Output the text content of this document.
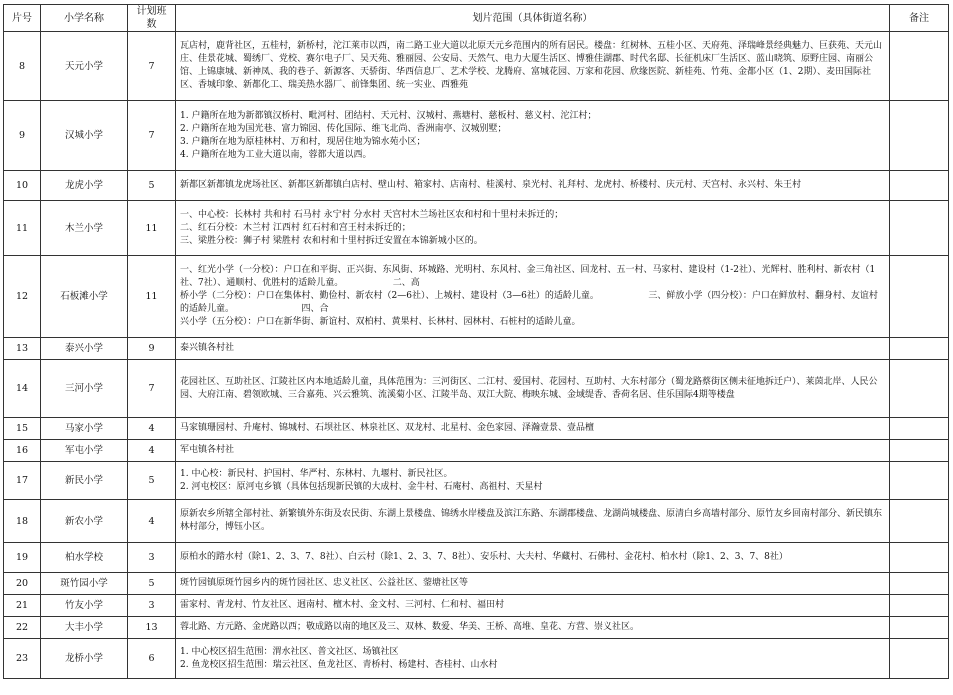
片号	小学名称	计划班数	划片范围（具体街道名称）	备注
8	天元小学	7	瓦店村，鹿背社区，五桂村，新桥村，沱江莱市以西，南二路工业大道以北原天元乡范围内的所有居民。楼盘：红树林、五桂小区、天府苑、泽瑞峰景经典魅力、巨获苑、天元山庄、佳景花城、蜀绣厂、党校、赛尔电子厂、吴天苑、雅丽园、公安局、天然气、电力大厦生活区、博雅佳湖郡、时代名邸、长征机床厂生活区、蓝山晓筑、原野庄园、南丽公馆、上锦康城、新神凤、我的巷子、新源客、天骄街、华西信息厂、艺术学校、龙腾府、富城花园、万家和花园、欣缘医院、新桂苑、竹苑、金都小区（1、2期）、麦田国际社区、香城印象、新都化工、瑞美热水器厂、前锋集团、统一实业、西雅苑	

9	汉城小学	7	1. 户籍所在地为新都镇汉桥村、毗河村、团结村、天元村、汉城村、燕塘村、慈板村、慈义村、沱江村；
2. 户籍所在地为国光巷、富力锦园、传化国际、维飞北尚、香洲南亭、汉城别墅；
3. 户籍所在地为原桂林村、万和村，现居住地为锦水苑小区；
4. 户籍所在地为工业大道以南，蓉都大道以西。	

10	龙虎小学	5	新都区新都镇龙虎场社区、新都区新都镇白店村、壁山村、箱家村、店南村、桂溪村、泉光村、礼拜村、龙虎村、桥楼村、庆元村、天宫村、永兴村、朱王村	

11	木兰小学	11	一、中心校：长林村 共和村 石马村 永宁村 分水村 天宫村木兰场社区农和村和十里村未拆迁的；
二、红石分校：木兰村 江西村 红石村和宫王村未拆迁的；
三、梁胜分校：狮子村 梁胜村 农和村和十里村拆迁安置在本锦新城小区的。	

12	石板滩小学	11	一、红光小学（一分校）：户口在和平街、正兴街、东风街、环城路、光明村、东风村、金三角社区、回龙村、五一村、马家村、建设村（1-2社）、光辉村、胜利村、新农村（1社、7社）、通顺村、优胜村的适龄儿童。　　　　　　二、高
桥小学（二分校）：户口在集体村、勤俭村、新农村（2—6社）、上城村、建设村（3—6社）的适龄儿童。　　　　　　三、鲜放小学（四分校）：户口在鲜放村、翻身村、友谊村的适龄儿童。　　　　　　　　四、合
兴小学（五分校）：户口在新华街、新谊村、双柏村、黄果村、长林村、园林村、石桩村的适龄儿童。	

13	泰兴小学	9	泰兴镇各村社	

14	三河小学	7	花园社区、互助社区、江陵社区内本地适龄儿童，具体范围为：三河街区、二江村、爱国村、花园村、互助村、大东村部分（蜀龙路蔡街区侧未征地拆迁户）、莱茵北岸、人民公园、大府江南、碧领欧城、三合嘉苑、兴云雅筑、流溪菊小区、江陵半岛、双江大院、梅映东城、金域缇香、香荷名居、佳乐国际4期等楼盘	

15	马家小学	4	马家镇珊园村、升庵村、锦城村、石坝社区、林泉社区、双龙村、北星村、金色家园、泽瀚壹景、壹品檀	

16	军屯小学	4	军屯镇各村社	

17	新民小学	5	1. 中心校：新民村、护国村、华严村、东林村、九堰村、新民社区。
2. 河屯校区：原河屯乡镇（具体包括现新民镇的大成村、金牛村、石庵村、高祖村、天星村	

18	新农小学	4	原新农乡所辖全部村社、新繁镇外东街及农民街、东湖上景楼盘、锦绣水岸楼盘及滨江东路、东湖郡楼盘、龙湖尚城楼盘、原清白乡高墙村部分、原竹友乡回南村部分、新民镇东林村部分，博钰小区。	

19	柏水学校	3	原柏水的踏水村（除1、2、3、7、8社）、白云村（除1、2、3、7、8社）、安乐村、大夫村、华藏村、石佛村、金花村、柏水村（除1、2、3、7、8社）	

20	斑竹园小学	5	斑竹园镇原斑竹园乡内的斑竹园社区、忠义社区、公益社区、蓥塘社区等	

21	竹友小学	3	雷家村、青龙村、竹友社区、迥南村、檀木村、金文村、三河村、仁和村、福田村	

22	大丰小学	13	蓉北路、方元路、金虎路以西；敬成路以南的地区及三、双林、数爱、华美、王桥、高堆、皇花、方营、崇义社区。	

23	龙桥小学	6	1. 中心校区招生范围：渭水社区、普文社区、场镇社区
2. 鱼龙校区招生范围：瑞云社区、鱼龙社区、青桥村、杨建村、杏桂村、山水村	
